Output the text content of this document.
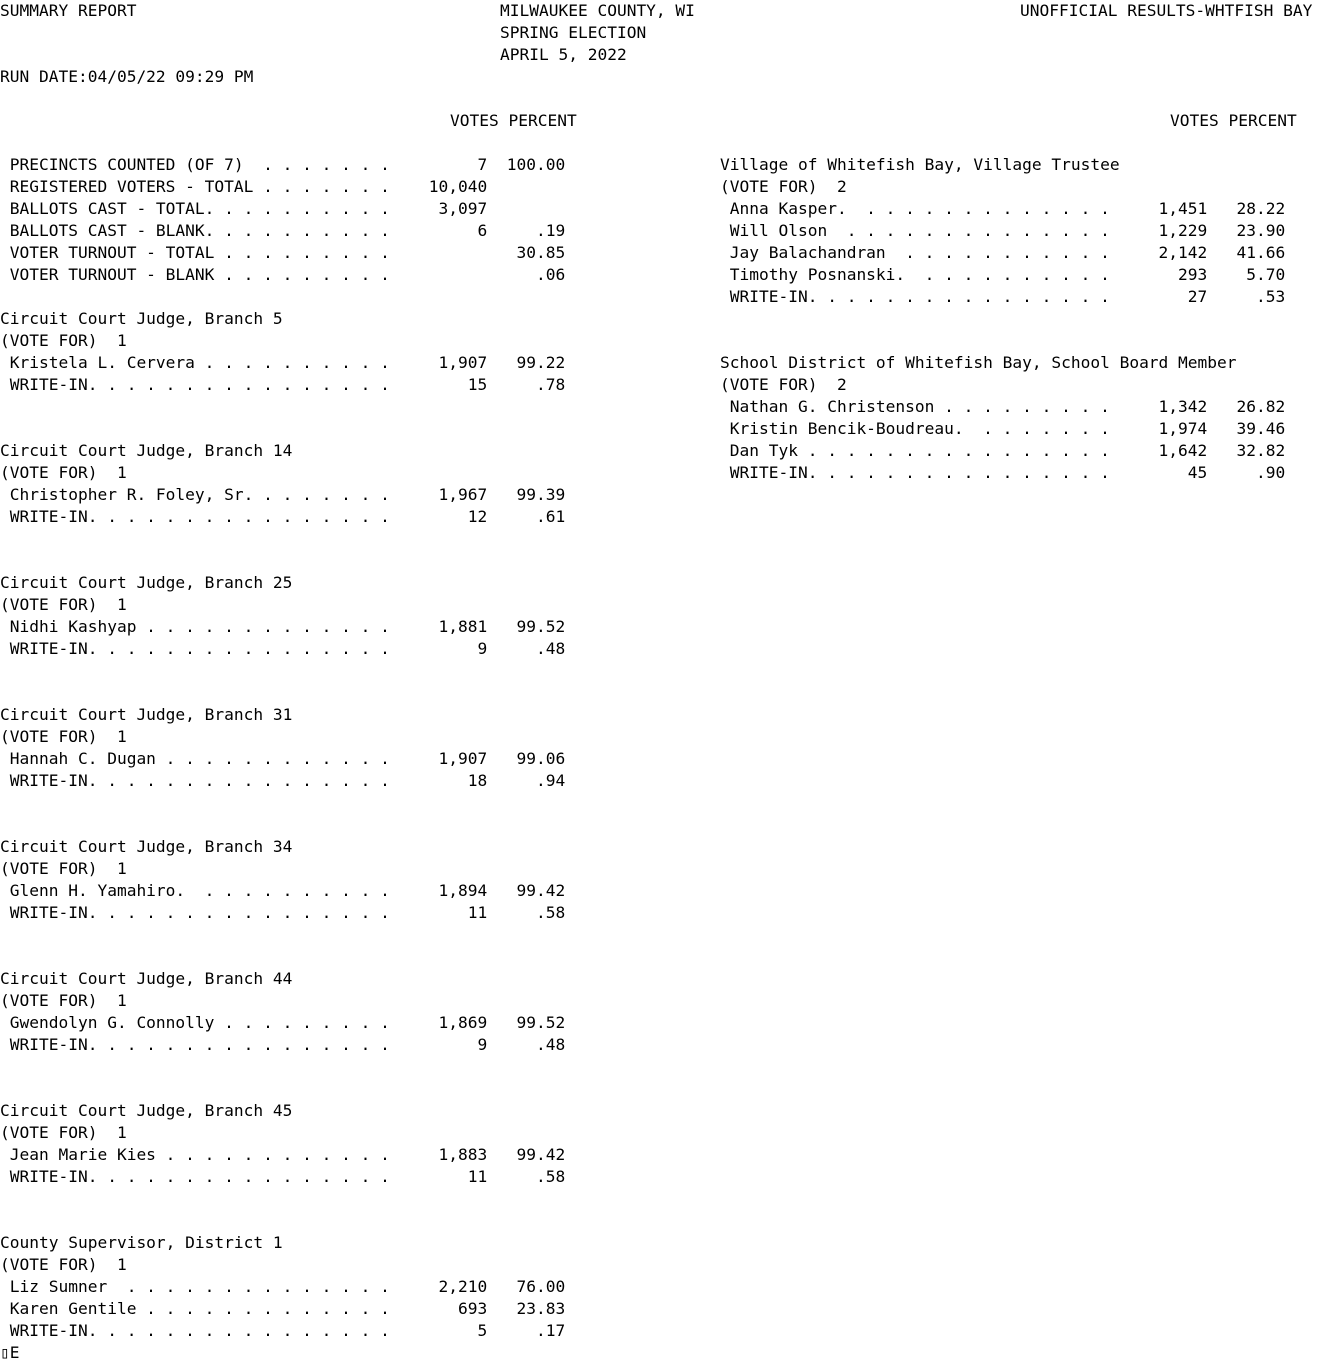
SUMMARY REPORT	MILWAUKEE COUNTY, WI	UNOFFICIAL RESULTS-WHTFISH BAY
SPRING ELECTION
APRIL 5, 2022
RUN DATE:04/05/22 09:29 PM
VOTES PERCENT	VOTES PERCENT
PRECINCTS COUNTED (OF 7)  . . . . . . .         7  100.00
REGISTERED VOTERS - TOTAL . . . . . . .    10,040
BALLOTS CAST - TOTAL. . . . . . . . . .     3,097
BALLOTS CAST - BLANK. . . . . . . . . .         6     .19
VOTER TURNOUT - TOTAL . . . . . . . . .             30.85
VOTER TURNOUT - BLANK . . . . . . . . .               .06
Circuit Court Judge, Branch 5
(VOTE FOR)  1
Kristela L. Cervera . . . . . . . . . .     1,907   99.22
WRITE-IN. . . . . . . . . . . . . . . .        15     .78
Circuit Court Judge, Branch 14
(VOTE FOR)  1
Christopher R. Foley, Sr. . . . . . . .     1,967   99.39
WRITE-IN. . . . . . . . . . . . . . . .        12     .61
Circuit Court Judge, Branch 25
(VOTE FOR)  1
Nidhi Kashyap . . . . . . . . . . . . .     1,881   99.52
WRITE-IN. . . . . . . . . . . . . . . .         9     .48
Circuit Court Judge, Branch 31
(VOTE FOR)  1
Hannah C. Dugan . . . . . . . . . . . .     1,907   99.06
WRITE-IN. . . . . . . . . . . . . . . .        18     .94
Circuit Court Judge, Branch 34
(VOTE FOR)  1
Glenn H. Yamahiro.  . . . . . . . . . .     1,894   99.42
WRITE-IN. . . . . . . . . . . . . . . .        11     .58
Circuit Court Judge, Branch 44
(VOTE FOR)  1
Gwendolyn G. Connolly . . . . . . . . .     1,869   99.52
WRITE-IN. . . . . . . . . . . . . . . .         9     .48
Circuit Court Judge, Branch 45
(VOTE FOR)  1
Jean Marie Kies . . . . . . . . . . . .     1,883   99.42
WRITE-IN. . . . . . . . . . . . . . . .        11     .58
County Supervisor, District 1
(VOTE FOR)  1
Liz Sumner  . . . . . . . . . . . . . .     2,210   76.00
Karen Gentile . . . . . . . . . . . . .       693   23.83
WRITE-IN. . . . . . . . . . . . . . . .         5     .17
Village of Whitefish Bay, Village Trustee
(VOTE FOR)  2
Anna Kasper.  . . . . . . . . . . . . .     1,451   28.22
Will Olson  . . . . . . . . . . . . . .     1,229   23.90
Jay Balachandran  . . . . . . . . . . .     2,142   41.66
Timothy Posnanski.  . . . . . . . . . .       293    5.70
WRITE-IN. . . . . . . . . . . . . . . .        27     .53
School District of Whitefish Bay, School Board Member
(VOTE FOR)  2
Nathan G. Christenson . . . . . . . . .     1,342   26.82
Kristin Bencik-Boudreau.  . . . . . . .     1,974   39.46
Dan Tyk . . . . . . . . . . . . . . . .     1,642   32.82
WRITE-IN. . . . . . . . . . . . . . . .        45     .90
▯E
